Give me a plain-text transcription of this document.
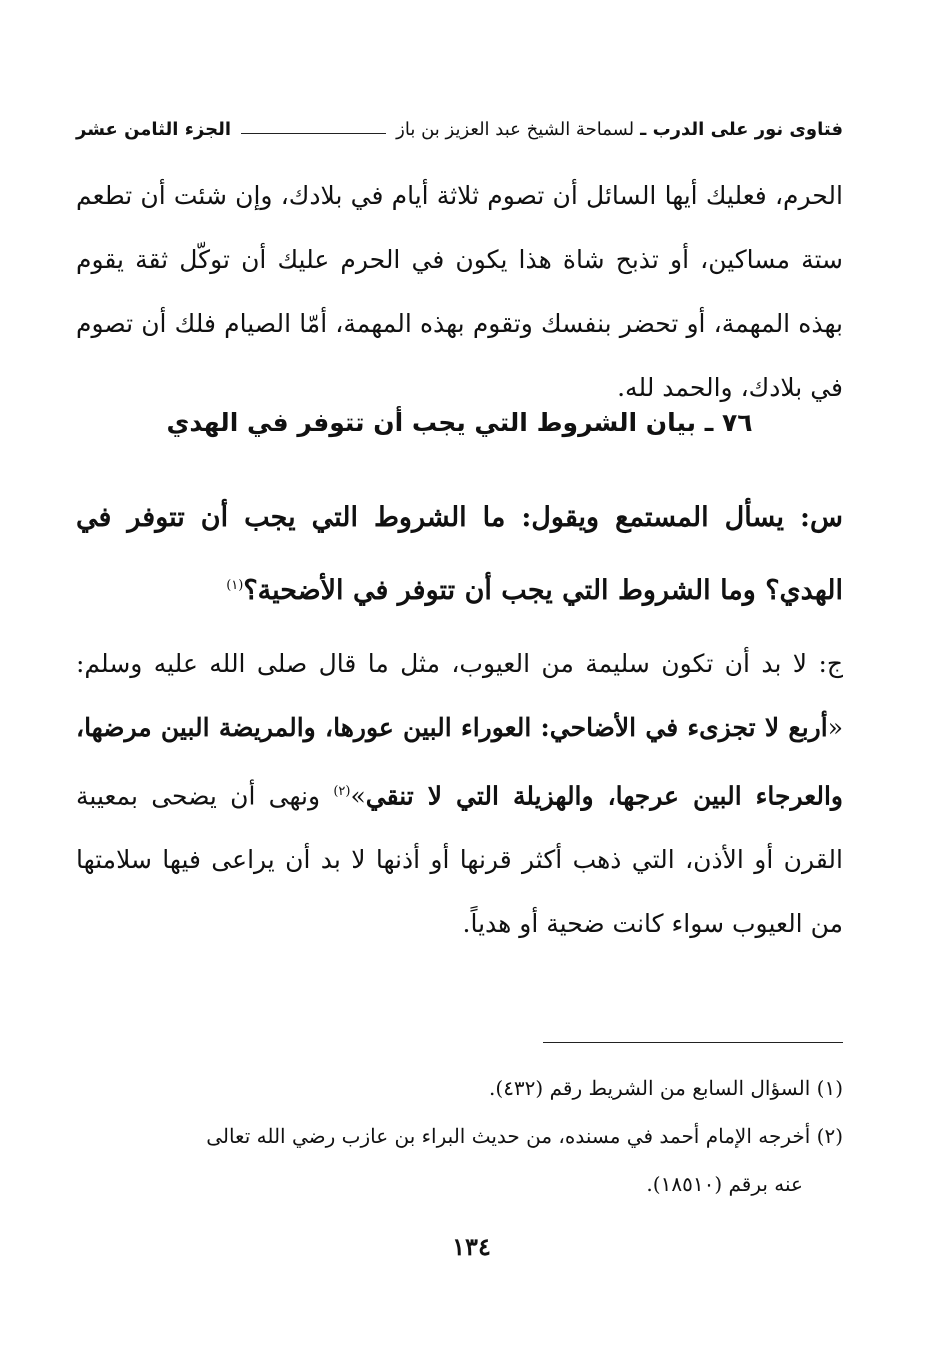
فتاوى نور على الدرب ـ
لسماحة الشيخ عبد العزيز بن باز
الجزء الثامن عشر
الحرم، فعليك أيها السائل أن تصوم ثلاثة أيام في بلادك، وإن شئت أن تطعم ستة مساكين، أو تذبح شاة هذا يكون في الحرم عليك أن توكّل ثقة يقوم بهذه المهمة، أو تحضر بنفسك وتقوم بهذه المهمة، أمّا الصيام فلك أن تصوم في بلادك، والحمد لله.
٧٦ ـ بيان الشروط التي يجب أن تتوفر في الهدي
س: يسأل المستمع ويقول: ما الشروط التي يجب أن تتوفر في الهدي؟ وما الشروط التي يجب أن تتوفر في الأضحية؟$^{(١)}$
ج: لا بد أن تكون سليمة من العيوب، مثل ما قال صلى الله عليه وسلم: «أربع لا تجزىء في الأضاحي: العوراء البين عورها، والمريضة البين مرضها، والعرجاء البين عرجها، والهزيلة التي لا تنقي»$^{(٢)}$ ونهى أن يضحى بمعيبة القرن أو الأذن، التي ذهب أكثر قرنها أو أذنها لا بد أن يراعى فيها سلامتها من العيوب سواء كانت ضحية أو هدياً.

(١) السؤال السابع من الشريط رقم (٤٣٢).

(٢) أخرجه الإمام أحمد في مسنده، من حديث البراء بن عازب رضي الله تعالى

عنه برقم (١٨٥١٠).

١٣٤
